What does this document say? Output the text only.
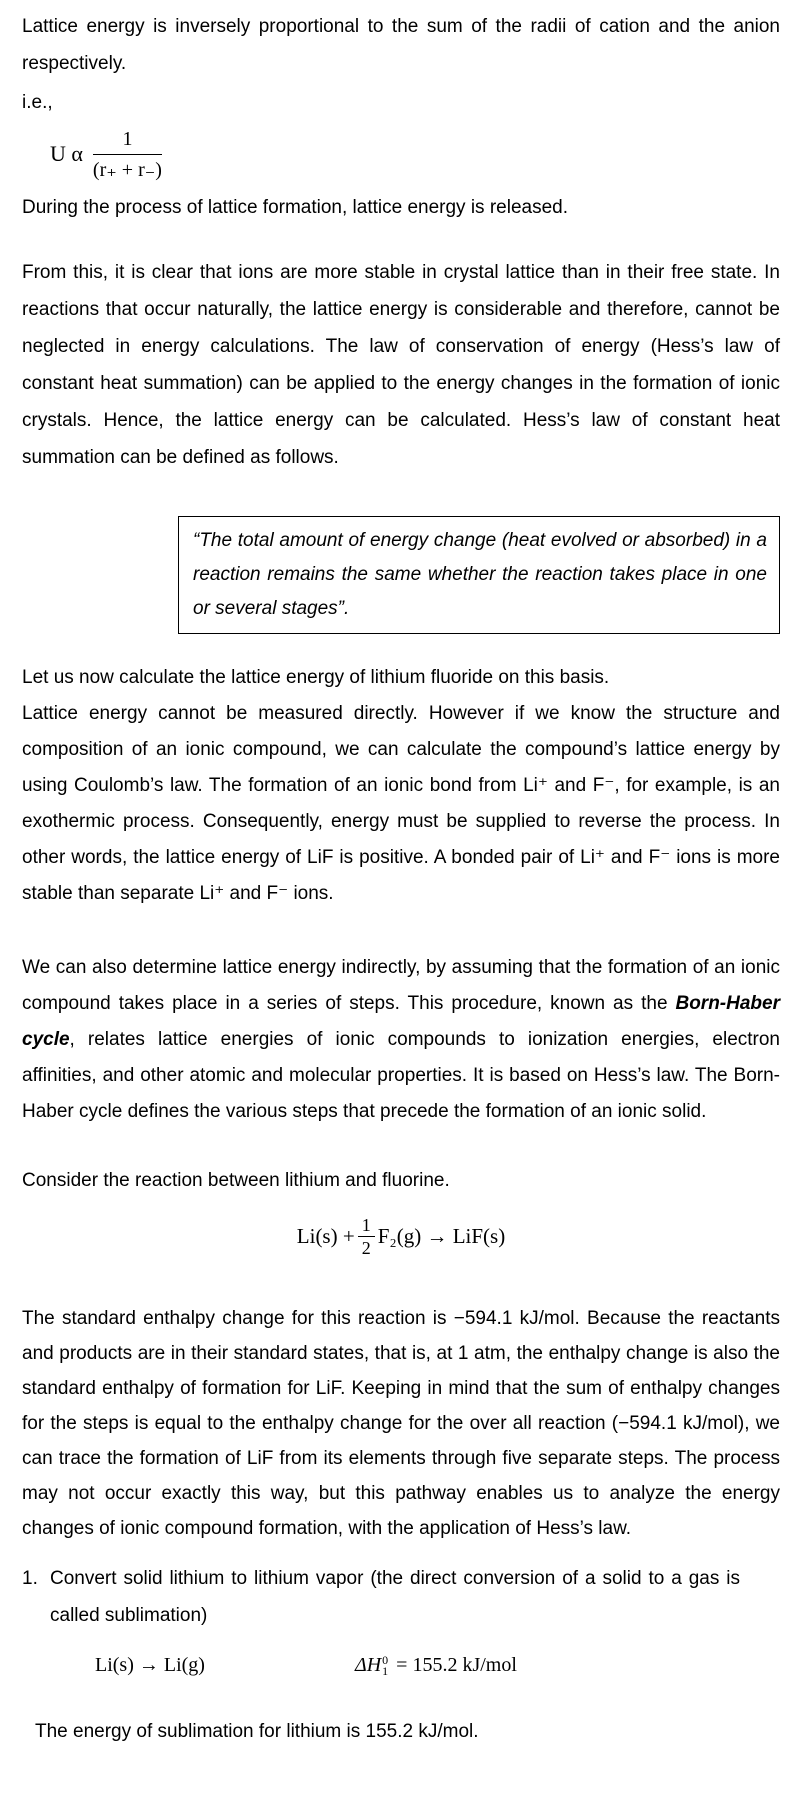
Lattice energy is inversely proportional to the sum of the radii of cation and the anion respectively.

i.e.,

U α $\frac{1}{(r_+ + r_-)}$

During the process of lattice formation, lattice energy is released.

From this, it is clear that ions are more stable in crystal lattice than in their free state. In reactions that occur naturally, the lattice energy is considerable and therefore, cannot be neglected in energy calculations. The law of conservation of energy (Hess’s law of constant heat summation) can be applied to the energy changes in the formation of ionic crystals. Hence, the lattice energy can be calculated. Hess’s law of constant heat summation can be defined as follows.

“The total amount of energy change (heat evolved or absorbed) in a reaction remains the same whether the reaction takes place in one or several stages”.

Let us now calculate the lattice energy of lithium fluoride on this basis.

Lattice energy cannot be measured directly. However if we know the structure and composition of an ionic compound, we can calculate the compound’s lattice energy by using Coulomb’s law. The formation of an ionic bond from Li⁺ and F⁻, for example, is an exothermic process. Consequently, energy must be supplied to reverse the process. In other words, the lattice energy of LiF is positive. A bonded pair of Li⁺ and F⁻ ions is more stable than separate Li⁺ and F⁻ ions.

We can also determine lattice energy indirectly, by assuming that the formation of an ionic compound takes place in a series of steps. This procedure, known as the Born-Haber cycle, relates lattice energies of ionic compounds to ionization energies, electron affinities, and other atomic and molecular properties. It is based on Hess’s law. The Born-Haber cycle defines the various steps that precede the formation of an ionic solid.

Consider the reaction between lithium and fluorine.

$Li(s) + \frac{1}{2} F_2(g) \to LiF(s)$

The standard enthalpy change for this reaction is −594.1 kJ/mol. Because the reactants and products are in their standard states, that is, at 1 atm, the enthalpy change is also the standard enthalpy of formation for LiF. Keeping in mind that the sum of enthalpy changes for the steps is equal to the enthalpy change for the over all reaction (−594.1 kJ/mol), we can trace the formation of LiF from its elements through five separate steps. The process may not occur exactly this way, but this pathway enables us to analyze the energy changes of ionic compound formation, with the application of Hess’s law.

1. Convert solid lithium to lithium vapor (the direct conversion of a solid to a gas is called sublimation)
Li(s) → Li(g)	ΔH 0
1 = 155.2 kJ/mol

The energy of sublimation for lithium is 155.2 kJ/mol.
